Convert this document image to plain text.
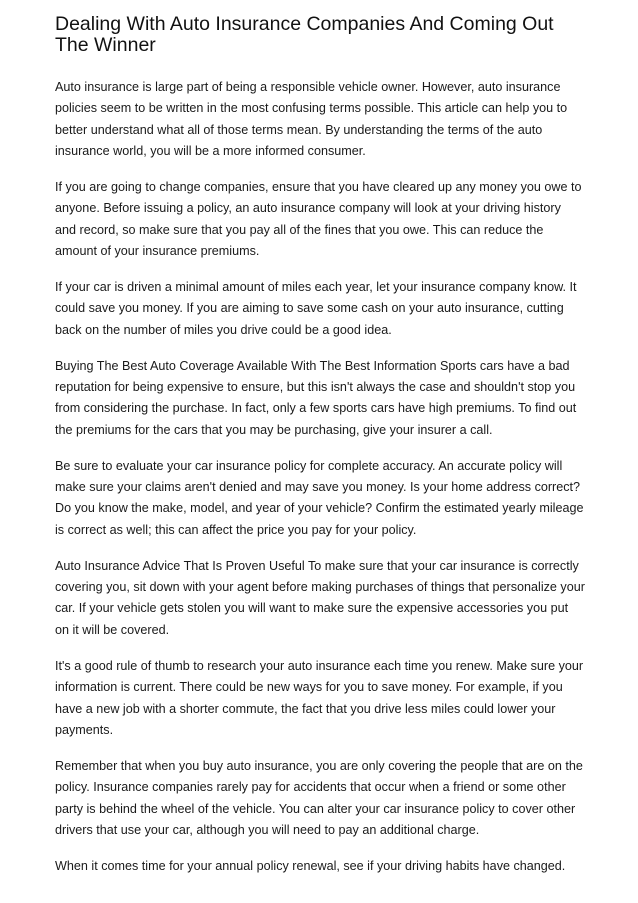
Dealing With Auto Insurance Companies And Coming Out The Winner

Auto insurance is large part of being a responsible vehicle owner. However, auto insurance policies seem to be written in the most confusing terms possible. This article can help you to better understand what all of those terms mean. By understanding the terms of the auto insurance world, you will be a more informed consumer.

If you are going to change companies, ensure that you have cleared up any money you owe to anyone. Before issuing a policy, an auto insurance company will look at your driving history and record, so make sure that you pay all of the fines that you owe. This can reduce the amount of your insurance premiums.

If your car is driven a minimal amount of miles each year, let your insurance company know. It could save you money. If you are aiming to save some cash on your auto insurance, cutting back on the number of miles you drive could be a good idea.

Buying The Best Auto Coverage Available With The Best Information Sports cars have a bad reputation for being expensive to ensure, but this isn't always the case and shouldn't stop you from considering the purchase. In fact, only a few sports cars have high premiums. To find out the premiums for the cars that you may be purchasing, give your insurer a call.

Be sure to evaluate your car insurance policy for complete accuracy. An accurate policy will make sure your claims aren't denied and may save you money. Is your home address correct? Do you know the make, model, and year of your vehicle? Confirm the estimated yearly mileage is correct as well; this can affect the price you pay for your policy.

Auto Insurance Advice That Is Proven Useful To make sure that your car insurance is correctly covering you, sit down with your agent before making purchases of things that personalize your car. If your vehicle gets stolen you will want to make sure the expensive accessories you put on it will be covered.

It's a good rule of thumb to research your auto insurance each time you renew. Make sure your information is current. There could be new ways for you to save money. For example, if you have a new job with a shorter commute, the fact that you drive less miles could lower your payments.

Remember that when you buy auto insurance, you are only covering the people that are on the policy. Insurance companies rarely pay for accidents that occur when a friend or some other party is behind the wheel of the vehicle. You can alter your car insurance policy to cover other drivers that use your car, although you will need to pay an additional charge.

When it comes time for your annual policy renewal, see if your driving habits have changed.
